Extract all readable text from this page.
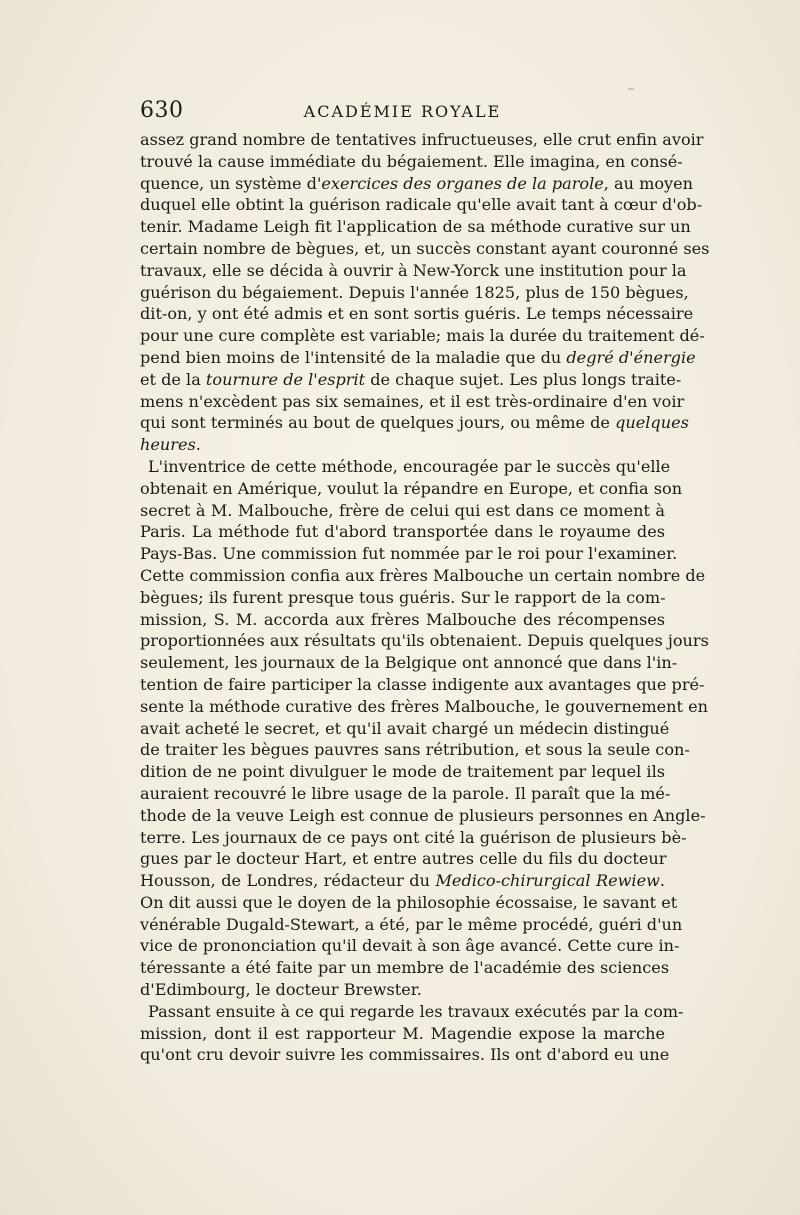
630	ACADÉMIE ROYALE
assez grand nombre de tentatives infructueuses, elle crut enfin avoir
trouvé la cause immédiate du bégaiement. Elle imagina, en consé-
quence, un système d'exercices des organes de la parole, au moyen
duquel elle obtint la guérison radicale qu'elle avait tant à cœur d'ob-
tenir. Madame Leigh fit l'application de sa méthode curative sur un
certain nombre de bègues, et, un succès constant ayant couronné ses
travaux, elle se décida à ouvrir à New-Yorck une institution pour la
guérison du bégaiement. Depuis l'année 1825, plus de 150 bègues,
dit-on, y ont été admis et en sont sortis guéris. Le temps nécessaire
pour une cure complète est variable; mais la durée du traitement dé-
pend bien moins de l'intensité de la maladie que du degré d'énergie
et de la tournure de l'esprit de chaque sujet. Les plus longs traite-
mens n'excèdent pas six semaines, et il est très-ordinaire d'en voir
qui sont terminés au bout de quelques jours, ou même de quelques
heures.
L'inventrice de cette méthode, encouragée par le succès qu'elle
obtenait en Amérique, voulut la répandre en Europe, et confia son
secret à M. Malbouche, frère de celui qui est dans ce moment à
Paris. La méthode fut d'abord transportée dans le royaume des
Pays-Bas. Une commission fut nommée par le roi pour l'examiner.
Cette commission confia aux frères Malbouche un certain nombre de
bègues; ils furent presque tous guéris. Sur le rapport de la com-
mission, S. M. accorda aux frères Malbouche des récompenses
proportionnées aux résultats qu'ils obtenaient. Depuis quelques jours
seulement, les journaux de la Belgique ont annoncé que dans l'in-
tention de faire participer la classe indigente aux avantages que pré-
sente la méthode curative des frères Malbouche, le gouvernement en
avait acheté le secret, et qu'il avait chargé un médecin distingué
de traiter les bègues pauvres sans rétribution, et sous la seule con-
dition de ne point divulguer le mode de traitement par lequel ils
auraient recouvré le libre usage de la parole. Il paraît que la mé-
thode de la veuve Leigh est connue de plusieurs personnes en Angle-
terre. Les journaux de ce pays ont cité la guérison de plusieurs bè-
gues par le docteur Hart, et entre autres celle du fils du docteur
Housson, de Londres, rédacteur du Medico-chirurgical Rewiew.
On dit aussi que le doyen de la philosophie écossaise, le savant et
vénérable Dugald-Stewart, a été, par le même procédé, guéri d'un
vice de prononciation qu'il devait à son âge avancé. Cette cure in-
téressante a été faite par un membre de l'académie des sciences
d'Edimbourg, le docteur Brewster.
Passant ensuite à ce qui regarde les travaux exécutés par la com-
mission, dont il est rapporteur M. Magendie expose la marche
qu'ont cru devoir suivre les commissaires. Ils ont d'abord eu une
